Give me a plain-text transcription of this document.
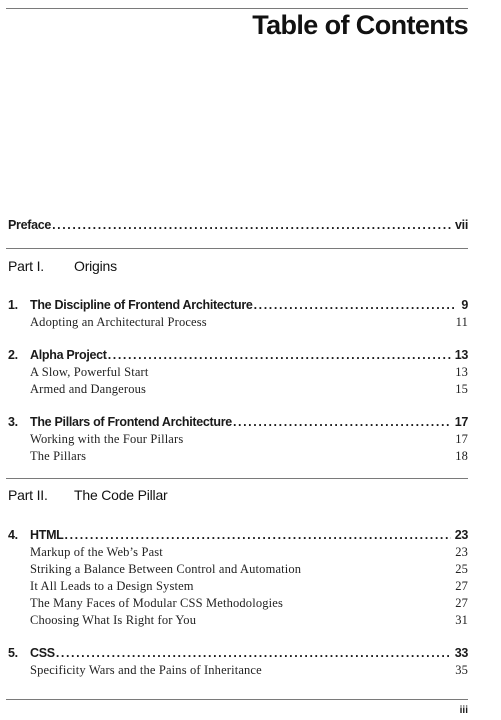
Table of Contents
Preface .....	vii
Part I.	Origins
1. The Discipline of Frontend Architecture .....	9
Adopting an Architectural Process	11
2. Alpha Project .....	13
A Slow, Powerful Start	13
Armed and Dangerous	15
3. The Pillars of Frontend Architecture .....	17
Working with the Four Pillars	17
The Pillars	18
Part II.	The Code Pillar
4. HTML .....	23
Markup of the Web’s Past	23
Striking a Balance Between Control and Automation	25
It All Leads to a Design System	27
The Many Faces of Modular CSS Methodologies	27
Choosing What Is Right for You	31
5. CSS .....	33
Specificity Wars and the Pains of Inheritance	35
iii
